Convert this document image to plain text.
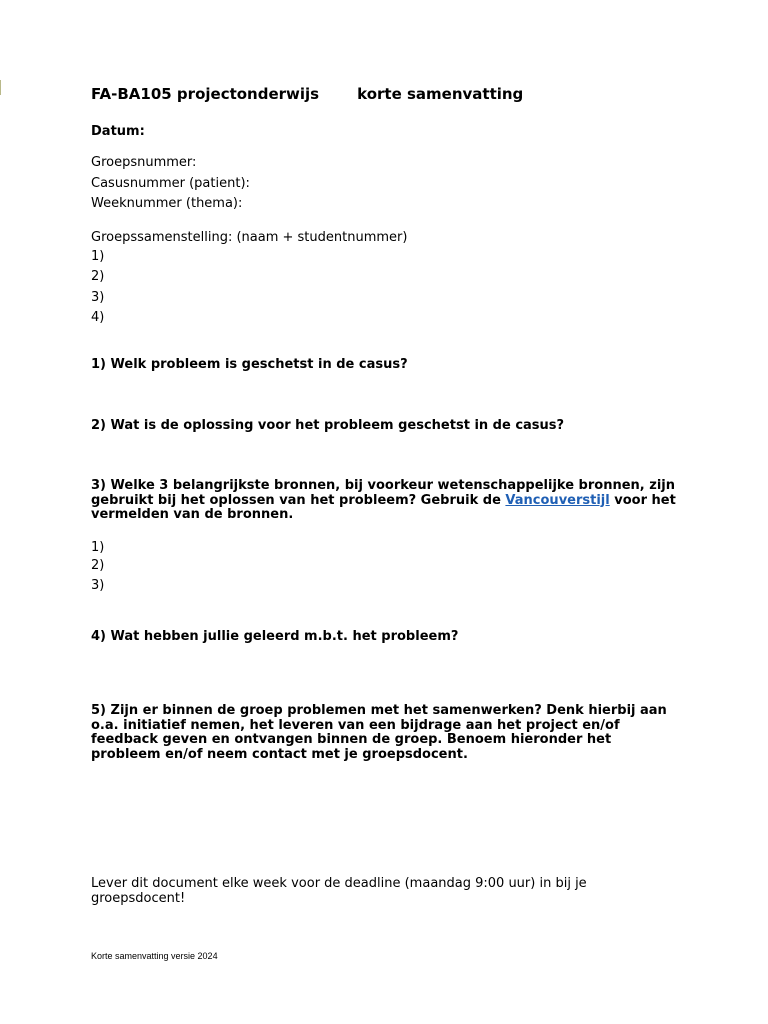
FA-BA105 projectonderwijs	korte samenvatting
Datum:
Groepsnummer:
Casusnummer (patient):
Weeknummer (thema):
Groepssamenstelling: (naam + studentnummer)
1)
2)
3)
4)
1) Welk probleem is geschetst in de casus?
2) Wat is de oplossing voor het probleem geschetst in de casus?
3) Welke 3 belangrijkste bronnen, bij voorkeur wetenschappelijke bronnen, zijn gebruikt bij het oplossen van het probleem? Gebruik de Vancouverstijl voor het vermelden van de bronnen.
1)
2)
3)
4) Wat hebben jullie geleerd m.b.t. het probleem?
5) Zijn er binnen de groep problemen met het samenwerken? Denk hierbij aan o.a. initiatief nemen, het leveren van een bijdrage aan het project en/of feedback geven en ontvangen binnen de groep. Benoem hieronder het probleem en/of neem contact met je groepsdocent.
Lever dit document elke week voor de deadline (maandag 9:00 uur) in bij je groepsdocent!
Korte samenvatting versie 2024
